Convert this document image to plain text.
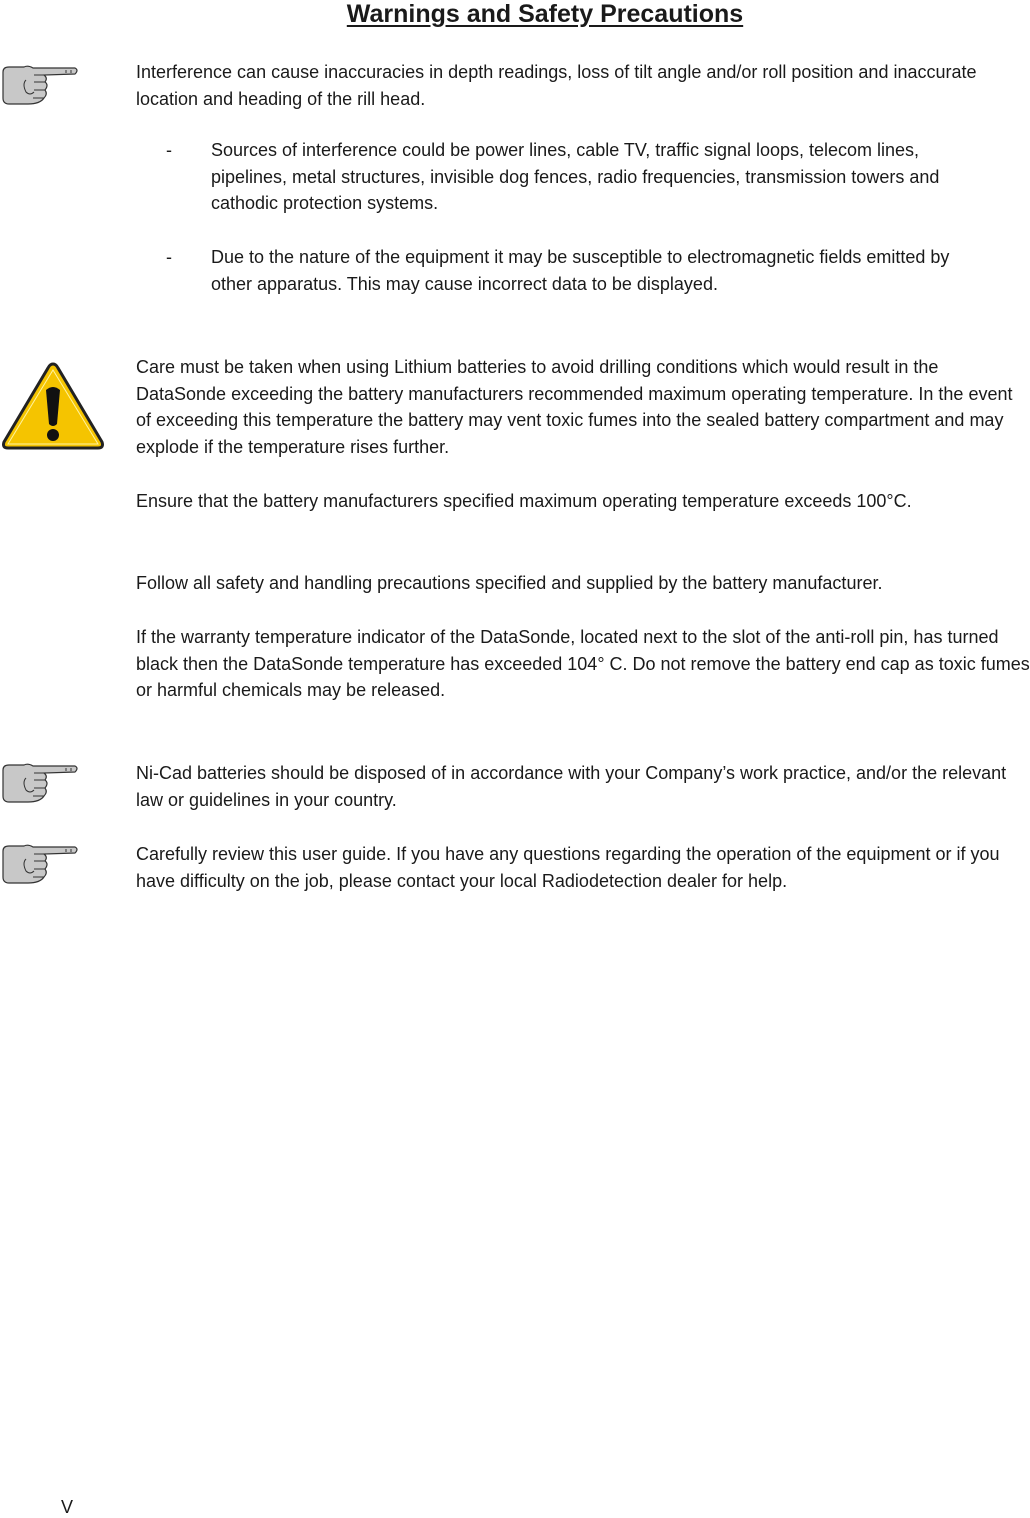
Warnings and Safety Precautions

Interference can cause inaccuracies in depth readings, loss of tilt angle and/or roll position and inaccurate location and heading of the rill head.

- Sources of interference could be power lines, cable TV, traffic signal loops, telecom lines, pipelines, metal structures, invisible dog fences, radio frequencies, transmission towers and cathodic protection systems.
- Due to the nature of the equipment it may be susceptible to electromagnetic fields emitted by other apparatus. This may cause incorrect data to be displayed.

Care must be taken when using Lithium batteries to avoid drilling conditions which would result in the DataSonde exceeding the battery manufacturers recommended maximum operating temperature. In the event of exceeding this temperature the battery may vent toxic fumes into the sealed battery compartment and may explode if the temperature rises further.

Ensure that the battery manufacturers specified maximum operating temperature exceeds 100°C.

Follow all safety and handling precautions specified and supplied by the battery manufacturer.

If the warranty temperature indicator of the DataSonde, located next to the slot of the anti-roll pin, has turned black then the DataSonde temperature has exceeded 104° C. Do not remove the battery end cap as toxic fumes or harmful chemicals may be released.

Ni-Cad batteries should be disposed of in accordance with your Company’s work practice, and/or the relevant law or guidelines in your country.

Carefully review this user guide. If you have any questions regarding the operation of the equipment or if you have difficulty on the job, please contact your local Radiodetection dealer for help.

V
